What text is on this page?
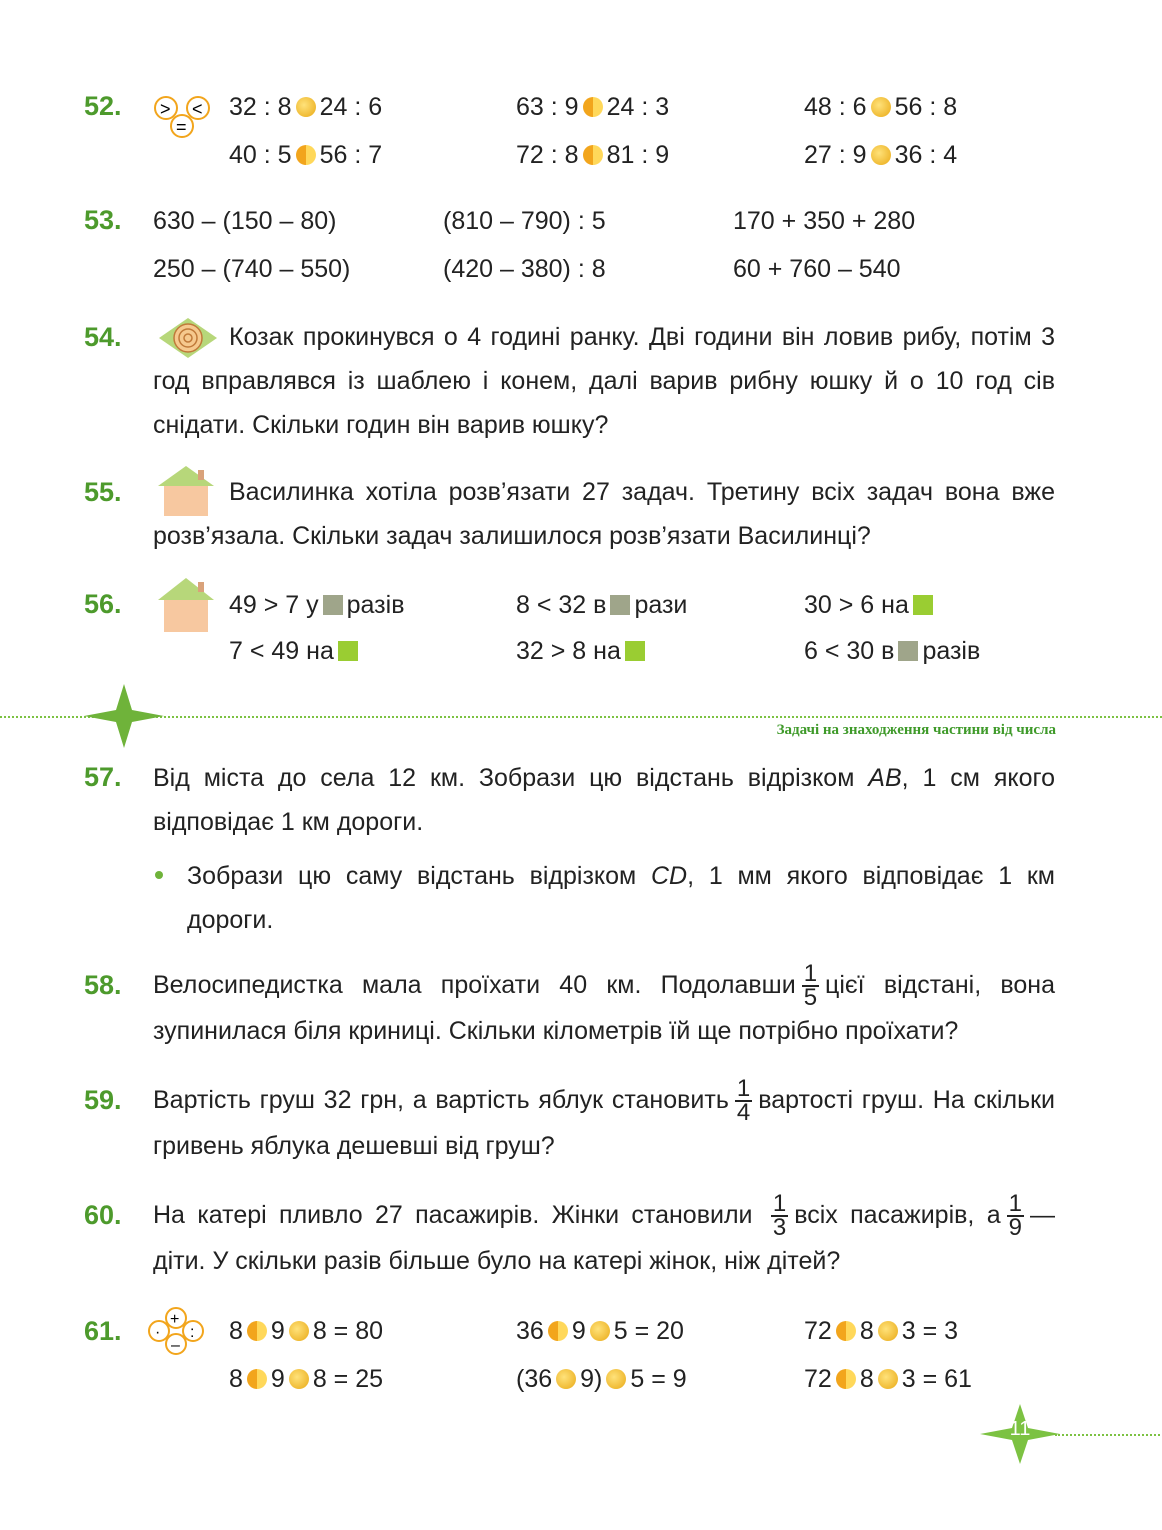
52. > <
=
32 : 8 24 : 6	63 : 9 24 : 3	48 : 6 56 : 8
40 : 5 56 : 7	72 : 8 81 : 9	27 : 9 36 : 4
53. 630 – (150 – 80)	(810 – 790) : 5	170 + 350 + 280
250 – (740 – 550)	(420 – 380) : 8	60 + 760 – 540
54.	Козак прокинувся о 4 годині ранку. Дві години він ловив рибу, потім 3 год вправлявся із шаблею і конем, далі варив рибну юшку й о 10 год сів снідати. Скільки годин він варив юшку?
55.	Василинка хотіла розв’язати 27 задач. Третину всіх задач вона вже розв’язала. Скільки задач залишилося розв’язати Василинці?
56.	49 > 7 у разів	8 < 32 в рази	30 > 6 на
7 < 49 на	32 > 8 на	6 < 30 в разів
Задачі на знаходження частини від числа
57. Від міста до села 12 км. Зобрази цю відстань відрізком AB, 1 см якого відповідає 1 км дороги.
Зобрази цю саму відстань відрізком CD, 1 мм якого відповідає 1 км дороги.
58. Велосипедистка мала проїхати 40 км. Подолавши $\frac{1}{5}$ цієї відстані, вона зупинилася біля криниці. Скільки кілометрів їй ще потрібно проїхати?
59. Вартість груш 32 грн, а вартість яблук становить $\frac{1}{4}$ вартості груш. На скільки гривень яблука дешевші від груш?
60. На катері пливло 27 пасажирів. Жінки становили $\frac{1}{3}$ всіх пасажирів, а $\frac{1}{9}$ — діти. У скільки разів більше було на катері жінок, ніж дітей?
61. · :
+
–
8 9 8 = 80	36 9 5 = 20	72 8 3 = 3
8 9 8 = 25	(36 9) 5 = 9	72 8 3 = 61
11
